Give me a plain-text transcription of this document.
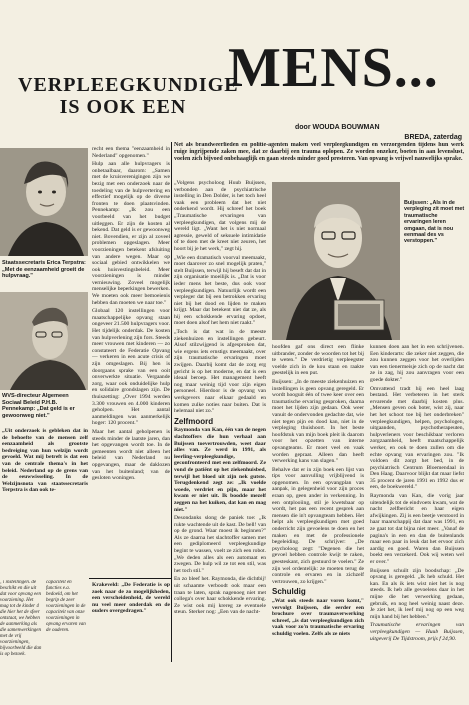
VERPLEEGKUNDIGE IS OOK EEN
MENS...
door WOUDA BOUWMAN
BREDA, zaterdag
Staatssecretaris Erica Terpstra: „Met de eenzaamheid groeit de hulpvraag."
WVS-directeur Algemeen Sociaal Beleid P.H.B. Pennekamp: „Dat geld is er gewoonweg niet."

„Uit onderzoek is gebleken dat in de behoefte van de mensen zelf eenzaamheid als grootste bedreiging van hun welzijn wordt gevoeld. Wat mij betreft is dat een van de centrale thema's in het beleid. Nederland op de grens van de eeuwwisseling. In de Welzijnsnota van staatssecretaris Terpstra is dan ook te-

recht een thema "eenzaamheid in Nederland" opgenomen."

Hulp aan alle hulpvragers is onbetaalbaar, daarom: „Samen met de kruisverenigingen zijn we bezig met een onderzoek naar de toedeling van de hulpvertering en effectief mogelijk op de diverse fronten te doen plaatsvinden. Pennekamp: „Ik zou een voorbeeld van het budget uitleggen. Er zijn de kosten al bekend. Dat geld is er gewoonweg niet. Bovendien, er zijn al zoveel problemen opgeslagen. Meer voorzieningen betekent afsluiting van andere wegen. Maar op sociaal gebied ontwikkelen we ook huisvestingsbeleid. Meer voorzieningen is minder vernieuwing. Zoveel mogelijk menselijke beperkingen bewerken. We moeten ook meer bemoeienis hebben dan moeten we naar toe."

Globaal 120 instellingen voor maatschappelijke opvang staan ongeveer 21.500 hulpvragers voor. Het tijdelijk onderdak. De kosten van hulpverlening zijn fors. Steeds meer vrouwen met kinderen — zo constateert de Federatie Opvang — verkeren in een acute crisis of zijn omgeslagen. Bij hen is doorgaans sprake van een ooit onverwerkte situatie. Vergaande zorg, waar ook onduidelijke hulp en solidaire grondslagen zijn. De thuiszetting: „Over 1994 werden 3.300 vrouwen en 4.000 kinderen geholpen. Het aantal aanmeldingen was aanmerkelijk hoger: 120 procent."

Maar het aantal geholpenen is steeds minder de laatste jaren, dan het opgevangen wordt toe. In de gemeenten wordt niet alleen het beleid van Nederland nu opgevangen, maar de daklozen van het buitenland; van de gesloten woningen.

Net als brandweerlieden en politie-agenten maken veel verpleegkundigen en verzorgenden tijdens hun werk ruige ingrijpende zaken mee, dat ze daarbij een trauma oplopen. Ze worden onzeker, boeten in aan levenslust, voelen zich bijvoed onbehaaglijk en gaan steeds minder goed presteren. Van opvang is vrijwel nauwelijks sprake.

„Volgens psycholoog Huub Buijssen, verbonden aan de psychiatrische instelling in Den Dolder, is het toch heel vaak een probleem dat het niet onderkend wordt. Hij schreef het boek „Traumatische ervaringen van verpleegkundigen, dat volgens mij de wereld ligt. „Want het is niet normaal agressie, geweld of seksuele intimidatie of te doen met de kreet niet zeuren, het hoort bij je het werk," zegt hij.

„Wie een dramatisch voorval meemaakt, moet daarover zo snel mogelijk praten," stelt Buijssen, terwijl hij beseft dat dat in zijn organisatie moeilijk is. „Dat is voor ieder mens het beste, dus ook voor verpleegkundigen. Natuurlijk wordt een verpleger dat bij een betrokken ervaring niet bij het dood en lijden te maken krijgt. Maar dat betekent niet dat ze, als hij een schokkende ervaring opdoet, moet doen alsof het hem niet raakt."

„Toch is dat wat in de meeste ziekenhuizen en instellingen gebeurt. Alsof stilzwijgend is afgesproken dat, wie ergens iets ernstigs meemaakt, over zijn traumatische ervaringen moet zwijgen. Daarbij komt dat de zorg erg gericht is op het moderne, en dat is een ideaal beroep. Het management heeft nog maar weinig tijd voor zijn eigen personeel. Hierdoor is de opvang van werkgevers naar elkaar gedaald en komen zulke noties naar buiten. Dat is helemaal niet zo."

Zelfmoord

Raymonda van Kan, één van de negen slachtoffers die hun verhaal aan Buijssen toevertrouwden, weet daar alles van. Ze werd in 1991, als leerling-verpleegkundige, geconfronteerd met een zelfmoord. Ze vond de patiënt op het ziekenhuisbed, terwijl het bloed uit zijn nek gutste. Terugdenkend zegt ze: „Ik voelde woede, verdriet en pijn, maar het kwam er niet uit. Ik boodde mezelf zeggen na het kuiken, dat kan en mag niet."

Desondanks slong de paniek toe: „Ik rukte wachtende uit de kast. De bell! van op de grond. Waar moest ik beginnen?" Als ze daarna het slachtoffer samen met een gediplomeerd verpleegkundige begint te wassen, voelt ze zich een robot. „We deden alles als een automaat en zwegen. De hulp wil ze tot een stil, was het toch stil."

En zo bleef het. Raymonda, die dichtbij! uit schaamte verboodt ook maar een traan te laten, sprak nagenoeg niet met collega's over haar schokkende ervaring. Ze wist ook mij krereg ze eventuele steun. Sterker nog: „Een van de nacht-

Buijssen: „Als in de verpleging zit moet met traumatische ervaringen leren omgaan, dat is nou eenmaal des vs verstoppen."

hoofden gaf ons direct een flinke uitbrander, zonder de woorden tot het bij te weten." De verdrietig verpleegster voelde zich in de kou staan en raakte geestelijk in een put.

Buijssen: „In de meeste ziekenhuizen en instellingen is geen opvang geregeld. Er wordt hooguit één of twee keer over een traumatische ervaring gesproken, daarna moet het lijden zijn gedaan. Ook weer vanuit de ondervonden gedachte dat, wie niet tegen pijn en dood kan, niet in de verpleging thuishoort. In het beste hoofdstuk van mijn boek pleit ik daarom voor het opzetten van interne opvangteams. Er moet veel en vaak worden gepraat. Alleen dan heeft verwerking kans van slagen."

Behalve dat er in zijn boek een lijst van tips voor aanvulling vrijblijvend is opgenomen. In een opvangplan van aanpak, in gelegenheid voor zijn proces eraan op, geen ander in verkenning. In een ontplooiing, stil je kwetsbaar op wordt, het pas een recent gesprek aan mensen die in't opvangteam hebben. Het helpt als verpleegkundigen met goed onderricht zijn gevoelens te doen en het maken en met de professionele begeleiding. De schrijver: „De psycholoog zegt: "Degenen die het gevoel hebben controle kwijt te raken, geesteskant, zich gestuurd te voelen." Ze zijn wel ordentelijk: ze moeten terug de controle en ervaren en in zichzelf vertrouwen, zo krijgen."

Schuldig

„Wat ook steeds naar voren komt," vervolgt Buijssen, die eerder een brochure over traumaverwerking schreef, „is dat verpleegkundigen zich vaak voor zo'n traumatische ervaring schuldig voelen. Zelfs als ze niets

kunnen doen aan het in een schrijvenen. Een kinderarts: die zeker niet zeggen, die zou kunnen zeggen voor het overlijden van een tienermeisje zich op de nacht dat ze in zag, hij zou aanvragen voor een goede dokter."

Omvattend tradt hij een heel laag bestand. Het verbeteren in het sterk ervarende met daarbij kosten plus. „Mensen geven ook boter, wist zij, naar het het schoot toe bij het onderbreken" verpleegkundigen, helpen, psychologen, uitgaanden, psychotherapeuten, hulpverleners voor beschikbaar verloren zorgzaamheid, heeft maatschappelijk werker, en ook te doen zullen om die echte opvang van ervaringen zou. "Ik voldoen dit zorgt het bed, in de psychiatrisch Centrum Bloemendaal in Den Haag. Daarvoor blijkt dat maar liefst 35 procent de jaren 1991 en 1992 dus er een, de boekwereld."

Raymonda van Kan, die vorig jaar uitendelijk tot de eindvoets kwam, wat de nacht zelfbericht en haar eigen afwijkingen. Zij is een beetje verstoord in haar maarschappij dat daar was 1991, en ze gaat tot dat bijna niet meer. „Vanaf de pagina's in een en dan de buitenlands maar een paar in leuk dat het ervoor zich aardig en goed. Waren dan Buijssen boekt een verzekerd. Ook wij weten wel er over."

Buijssen schuilt zijn boodschap: „De opvang is geregeld. „Ik heb schuld. Het kan. En als ik iets wist niet het is nog steeds. Ik heb alle gevoelens daar in het mijne die het verwerking gedaan, gebruik, en nog heel weinig naast deze. Je ziet het, ik leef mij nog op een weg mijn hand bij het hebben."

Traumatische ervaringen van verpleegkundigen — Huub Buijssen, uitgeverij De Tijdstroom, prijs f 24,90.

‚ i instellingen. de beschikt en die uit dat voor opvang een voorziening. Het mag tot de kinder 4 die hier het de sfeer ontstaat, we hebben de aanmerking als die samenwerkingen met de vrij voorzieningen, bijvoorbeeld die dan is op bezoek.

capaciteit en functies e.a. bedoeld, om het begrip de zeer voorzieningen in de capaciteit van onze voorzieningen in opvang ervaren van de ouderen.

Krakeveld: „De Federatie is op zoek naar de zo mogelijkheden, een verscheidenheid, de wereld nu veel meer onderdak en de ouders overgedragen."
